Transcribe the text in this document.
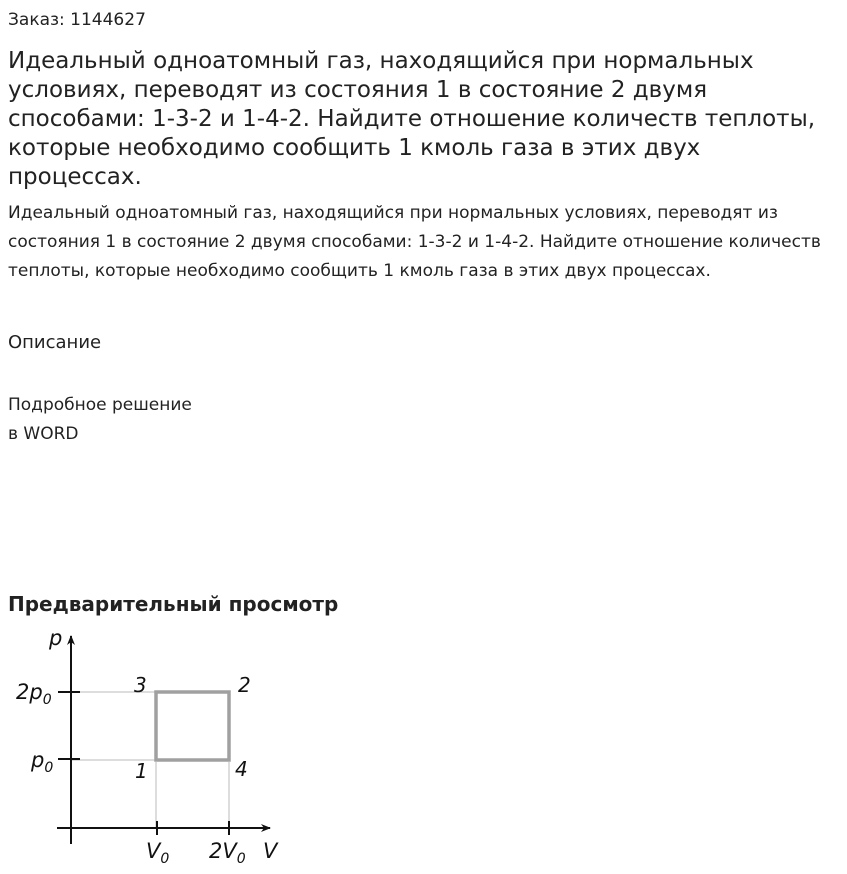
Заказ: 1144627
Идеальный одноатомный газ, находящийся при нормальных условиях, переводят из состояния 1 в состояние 2 двумя способами: 1-3-2 и 1-4-2. Найдите отношение количеств теплоты, которые необходимо сообщить 1 кмоль газа в этих двух процессах.

Идеальный одноатомный газ, находящийся при нормальных условиях, переводят из состояния 1 в состояние 2 двумя способами: 1-3-2 и 1-4-2. Найдите отношение количеств теплоты, которые необходимо сообщить 1 кмоль газа в этих двух процессах.

Описание
Подробное решение
в WORD
Предварительный просмотр
p
V
$2p_0$
$p_0$
$V_0$ $2V_0$
3	2
1	4
